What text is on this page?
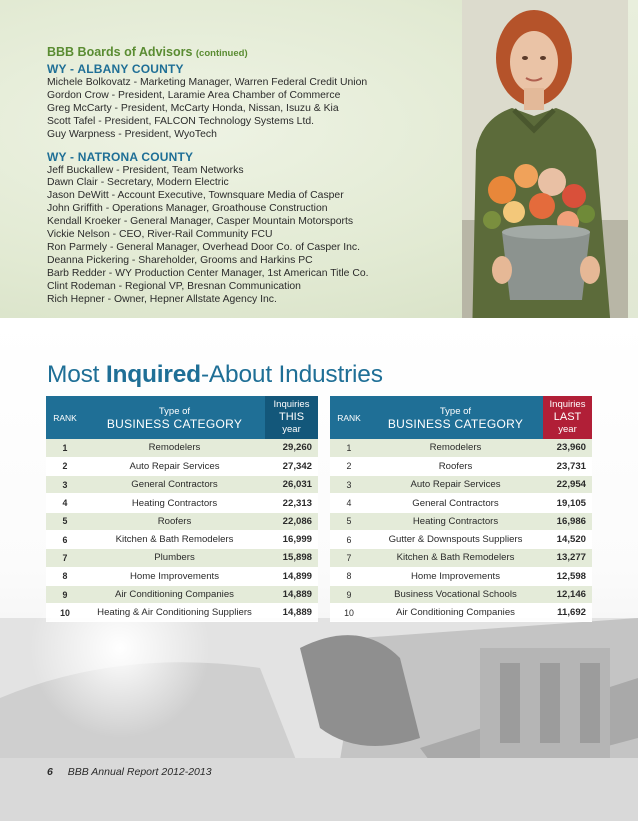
BBB Boards of Advisors (continued)
WY - ALBANY COUNTY
Michele Bolkovatz - Marketing Manager, Warren Federal Credit Union
Gordon Crow - President, Laramie Area Chamber of Commerce
Greg McCarty - President, McCarty Honda, Nissan, Isuzu & Kia
Scott Tafel - President, FALCON Technology Systems Ltd.
Guy Warpness - President, WyoTech
WY - NATRONA COUNTY
Jeff Buckallew - President, Team Networks
Dawn Clair - Secretary, Modern Electric
Jason DeWitt - Account Executive, Townsquare Media of Casper
John Griffith - Operations Manager, Groathouse Construction
Kendall Kroeker - General Manager, Casper Mountain Motorsports
Vickie Nelson - CEO, River-Rail Community FCU
Ron Parmely - General Manager, Overhead Door Co. of Casper Inc.
Deanna Pickering - Shareholder, Grooms and Harkins PC
Barb Redder - WY Production Center Manager, 1st American Title Co.
Clint Rodeman - Regional VP, Bresnan Communication
Rich Hepner - Owner, Hepner Allstate Agency Inc.
Most Inquired-About Industries
RANK	Type of
BUSINESS CATEGORY	Inquiries
THIS
year

1	Remodelers	29,260
2	Auto Repair Services	27,342
3	General Contractors	26,031
4	Heating Contractors	22,313
5	Roofers	22,086
6	Kitchen & Bath Remodelers	16,999
7	Plumbers	15,898
8	Home Improvements	14,899
9	Air Conditioning Companies	14,889
10	Heating & Air Conditioning Suppliers	14,889
RANK	Type of
BUSINESS CATEGORY	Inquiries
LAST
year

1	Remodelers	23,960
2	Roofers	23,731
3	Auto Repair Services	22,954
4	General Contractors	19,105
5	Heating Contractors	16,986
6	Gutter & Downspouts Suppliers	14,520
7	Kitchen & Bath Remodelers	13,277
8	Home Improvements	12,598
9	Business Vocational Schools	12,146
10	Air Conditioning Companies	11,692
6 BBB Annual Report 2012-2013
